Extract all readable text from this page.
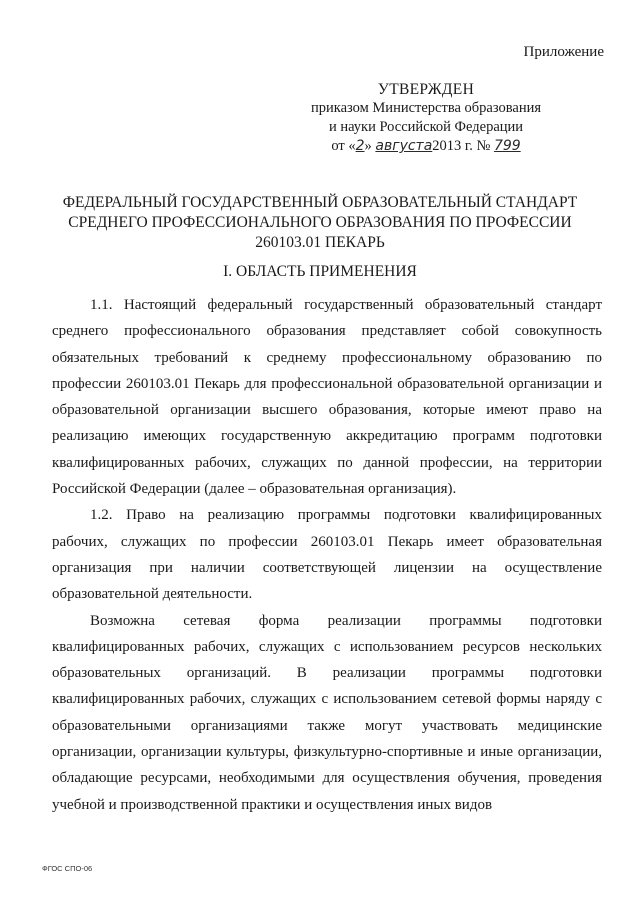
Приложение

УТВЕРЖДЕН
приказом Министерства образования
и науки Российской Федерации
от «2» августа2013 г. № 799
ФЕДЕРАЛЬНЫЙ ГОСУДАРСТВЕННЫЙ ОБРАЗОВАТЕЛЬНЫЙ СТАНДАРТ
СРЕДНЕГО ПРОФЕССИОНАЛЬНОГО ОБРАЗОВАНИЯ ПО ПРОФЕССИИ
260103.01 ПЕКАРЬ
I. ОБЛАСТЬ ПРИМЕНЕНИЯ

1.1. Настоящий федеральный государственный образовательный стандарт среднего профессионального образования представляет собой совокупность обязательных требований к среднему профессиональному образованию по профессии 260103.01 Пекарь для профессиональной образовательной организации и образовательной организации высшего образования, которые имеют право на реализацию имеющих государственную аккредитацию программ подготовки квалифицированных рабочих, служащих по данной профессии, на территории Российской Федерации (далее – образовательная организация).

1.2. Право на реализацию программы подготовки квалифицированных рабочих, служащих по профессии 260103.01 Пекарь имеет образовательная организация при наличии соответствующей лицензии на осуществление образовательной деятельности.

Возможна сетевая форма реализации программы подготовки квалифицированных рабочих, служащих с использованием ресурсов нескольких образовательных организаций. В реализации программы подготовки квалифицированных рабочих, служащих с использованием сетевой формы наряду с образовательными организациями также могут участвовать медицинские организации, организации культуры, физкультурно-спортивные и иные организации, обладающие ресурсами, необходимыми для осуществления обучения, проведения учебной и производственной практики и осуществления иных видов

ФГОС СПО-06
